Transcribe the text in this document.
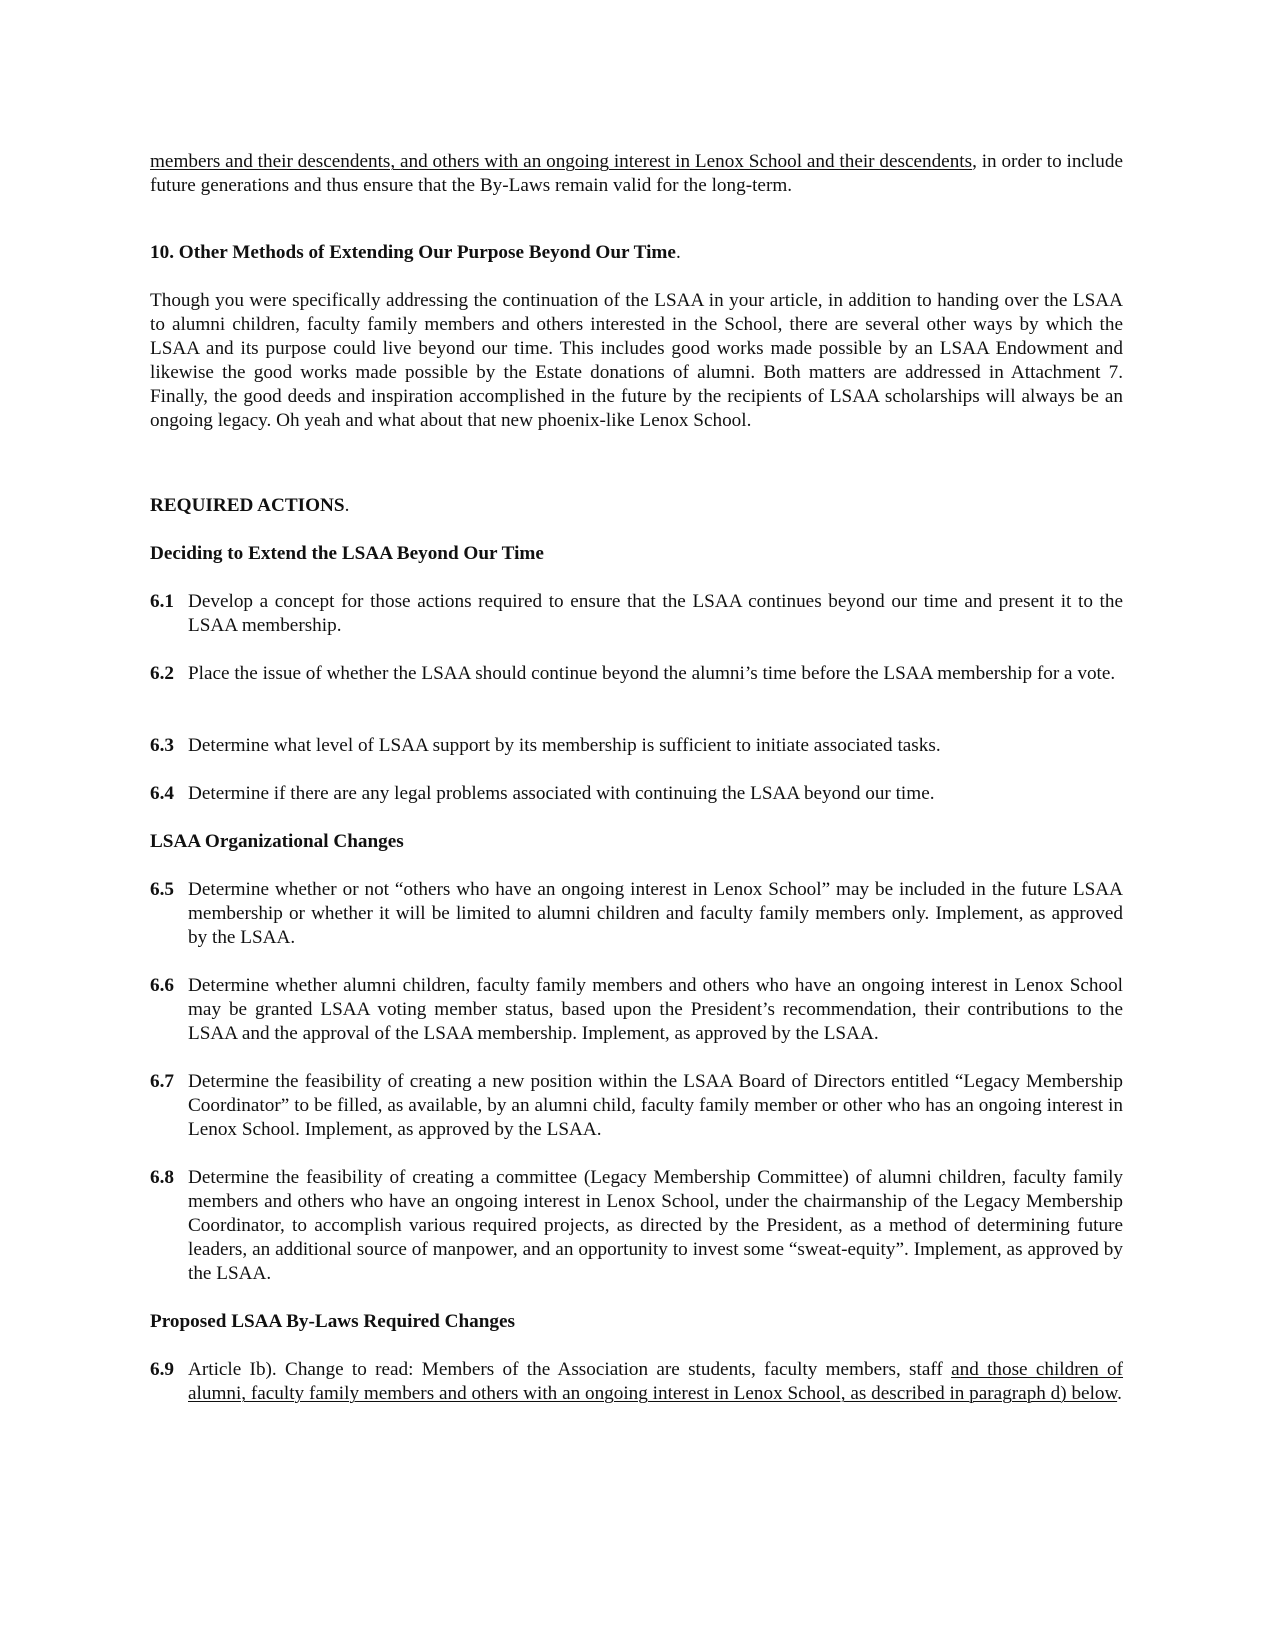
members and their descendents, and others with an ongoing interest in Lenox School and their descendents, in order to include future generations and thus ensure that the By-Laws remain valid for the long-term.

10. Other Methods of Extending Our Purpose Beyond Our Time.

Though you were specifically addressing the continuation of the LSAA in your article, in addition to handing over the LSAA to alumni children, faculty family members and others interested in the School, there are several other ways by which the LSAA and its purpose could live beyond our time. This includes good works made possible by an LSAA Endowment and likewise the good works made possible by the Estate donations of alumni. Both matters are addressed in Attachment 7. Finally, the good deeds and inspiration accomplished in the future by the recipients of LSAA scholarships will always be an ongoing legacy. Oh yeah and what about that new phoenix-like Lenox School.

REQUIRED ACTIONS.
Deciding to Extend the LSAA Beyond Our Time
6.1 Develop a concept for those actions required to ensure that the LSAA continues beyond our time and present it to the LSAA membership.
6.2 Place the issue of whether the LSAA should continue beyond the alumni’s time before the LSAA membership for a vote.
6.3 Determine what level of LSAA support by its membership is sufficient to initiate associated tasks.
6.4 Determine if there are any legal problems associated with continuing the LSAA beyond our time.
LSAA Organizational Changes
6.5 Determine whether or not “others who have an ongoing interest in Lenox School” may be included in the future LSAA membership or whether it will be limited to alumni children and faculty family members only. Implement, as approved by the LSAA.
6.6 Determine whether alumni children, faculty family members and others who have an ongoing interest in Lenox School may be granted LSAA voting member status, based upon the President’s recommendation, their contributions to the LSAA and the approval of the LSAA membership. Implement, as approved by the LSAA.
6.7 Determine the feasibility of creating a new position within the LSAA Board of Directors entitled “Legacy Membership Coordinator” to be filled, as available, by an alumni child, faculty family member or other who has an ongoing interest in Lenox School. Implement, as approved by the LSAA.
6.8 Determine the feasibility of creating a committee (Legacy Membership Committee) of alumni children, faculty family members and others who have an ongoing interest in Lenox School, under the chairmanship of the Legacy Membership Coordinator, to accomplish various required projects, as directed by the President, as a method of determining future leaders, an additional source of manpower, and an opportunity to invest some “sweat-equity”. Implement, as approved by the LSAA.
Proposed LSAA By-Laws Required Changes
6.9 Article Ib). Change to read: Members of the Association are students, faculty members, staff and those children of alumni, faculty family members and others with an ongoing interest in Lenox School, as described in paragraph d) below.
